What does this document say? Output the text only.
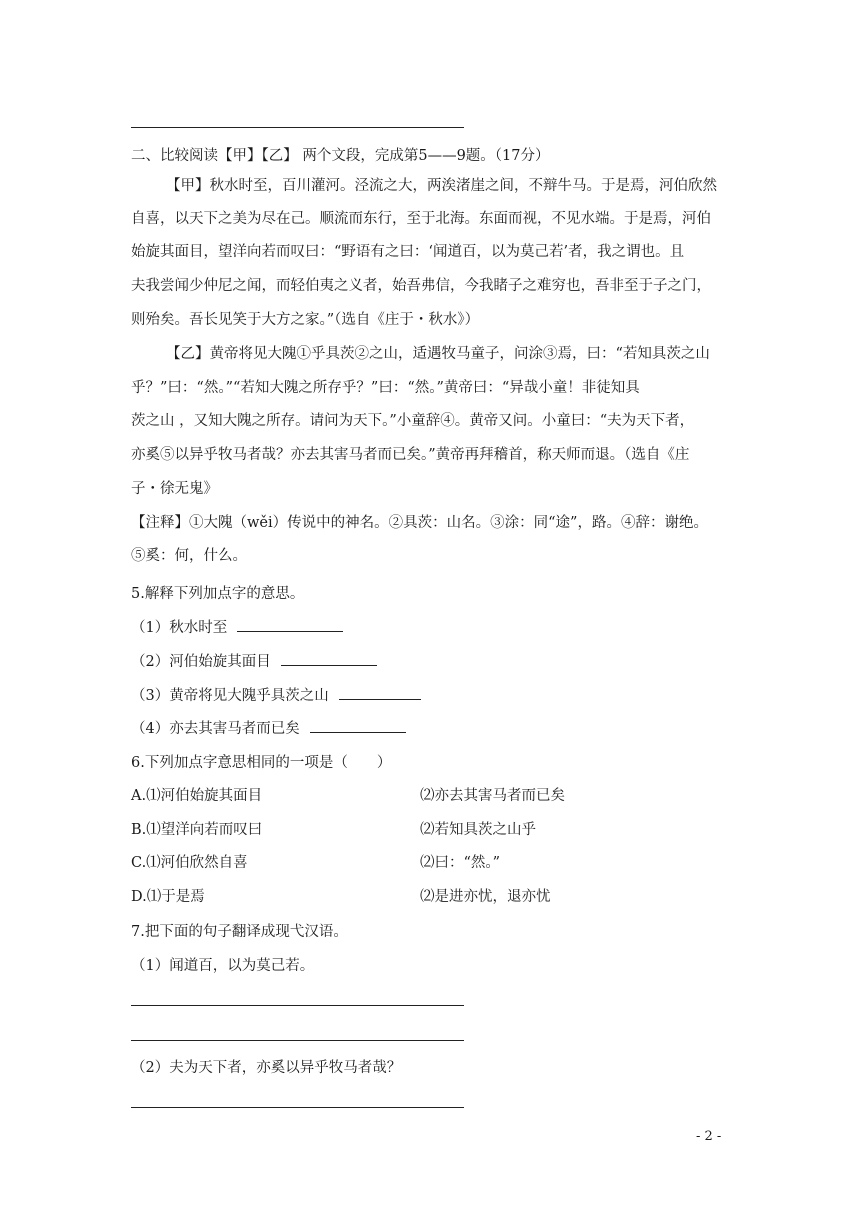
二、比较阅读【甲】【乙】 两个文段，完成第5——9题。（17分）
【甲】秋水时至，百川灌河。泾流之大，两涘渚崖之间，不辩牛马。于是焉，河伯欣然
自喜，以天下之美为尽在己。顺流而东行，至于北海。东面而视，不见水端。于是焉，河伯
始旋其面目，望洋向若而叹曰：“野语有之曰：‘闻道百，以为莫己若’者，我之谓也。且
夫我尝闻少仲尼之闻，而轻伯夷之义者，始吾弗信，今我睹子之难穷也，吾非至于子之门，
则殆矣。吾长见笑于大方之家。”（选自《庄于・秋水》）
【乙】黄帝将见大隗①乎具茨②之山，适遇牧马童子，问涂③焉，曰：“若知具茨之山
乎？”曰：“然。”“若知大隗之所存乎？”曰：“然。”黄帝曰：“异哉小童！非徒知具
茨之山 ，又知大隗之所存。请问为天下。”小童辞④。黄帝又问。小童曰：“夫为天下者，
亦奚⑤以异乎牧马者哉？亦去其害马者而已矣。”黄帝再拜稽首，称天师而退。（选自《庄
子・徐无鬼》
【注释】①大隗（wěi）传说中的神名。②具茨：山名。③涂：同“途”，路。④辞：谢绝。
⑤奚：何，什么。
5.解释下列加点字的意思。
（1）秋水时至
（2）河伯始旋其面目
（3）黄帝将见大隗乎具茨之山
（4）亦去其害马者而已矣
6.下列加点字意思相同的一项是（　　）
A.⑴河伯始旋其面目	⑵亦去其害马者而已矣
B.⑴望洋向若而叹曰	⑵若知具茨之山乎
C.⑴河伯欣然自喜	⑵曰：“然。”
D.⑴于是焉	⑵是进亦忧，退亦忧
7.把下面的句子翻译成现弋汉语。
（1）闻道百，以为莫己若。
（2）夫为天下者，亦奚以异乎牧马者哉？
- 2 -
